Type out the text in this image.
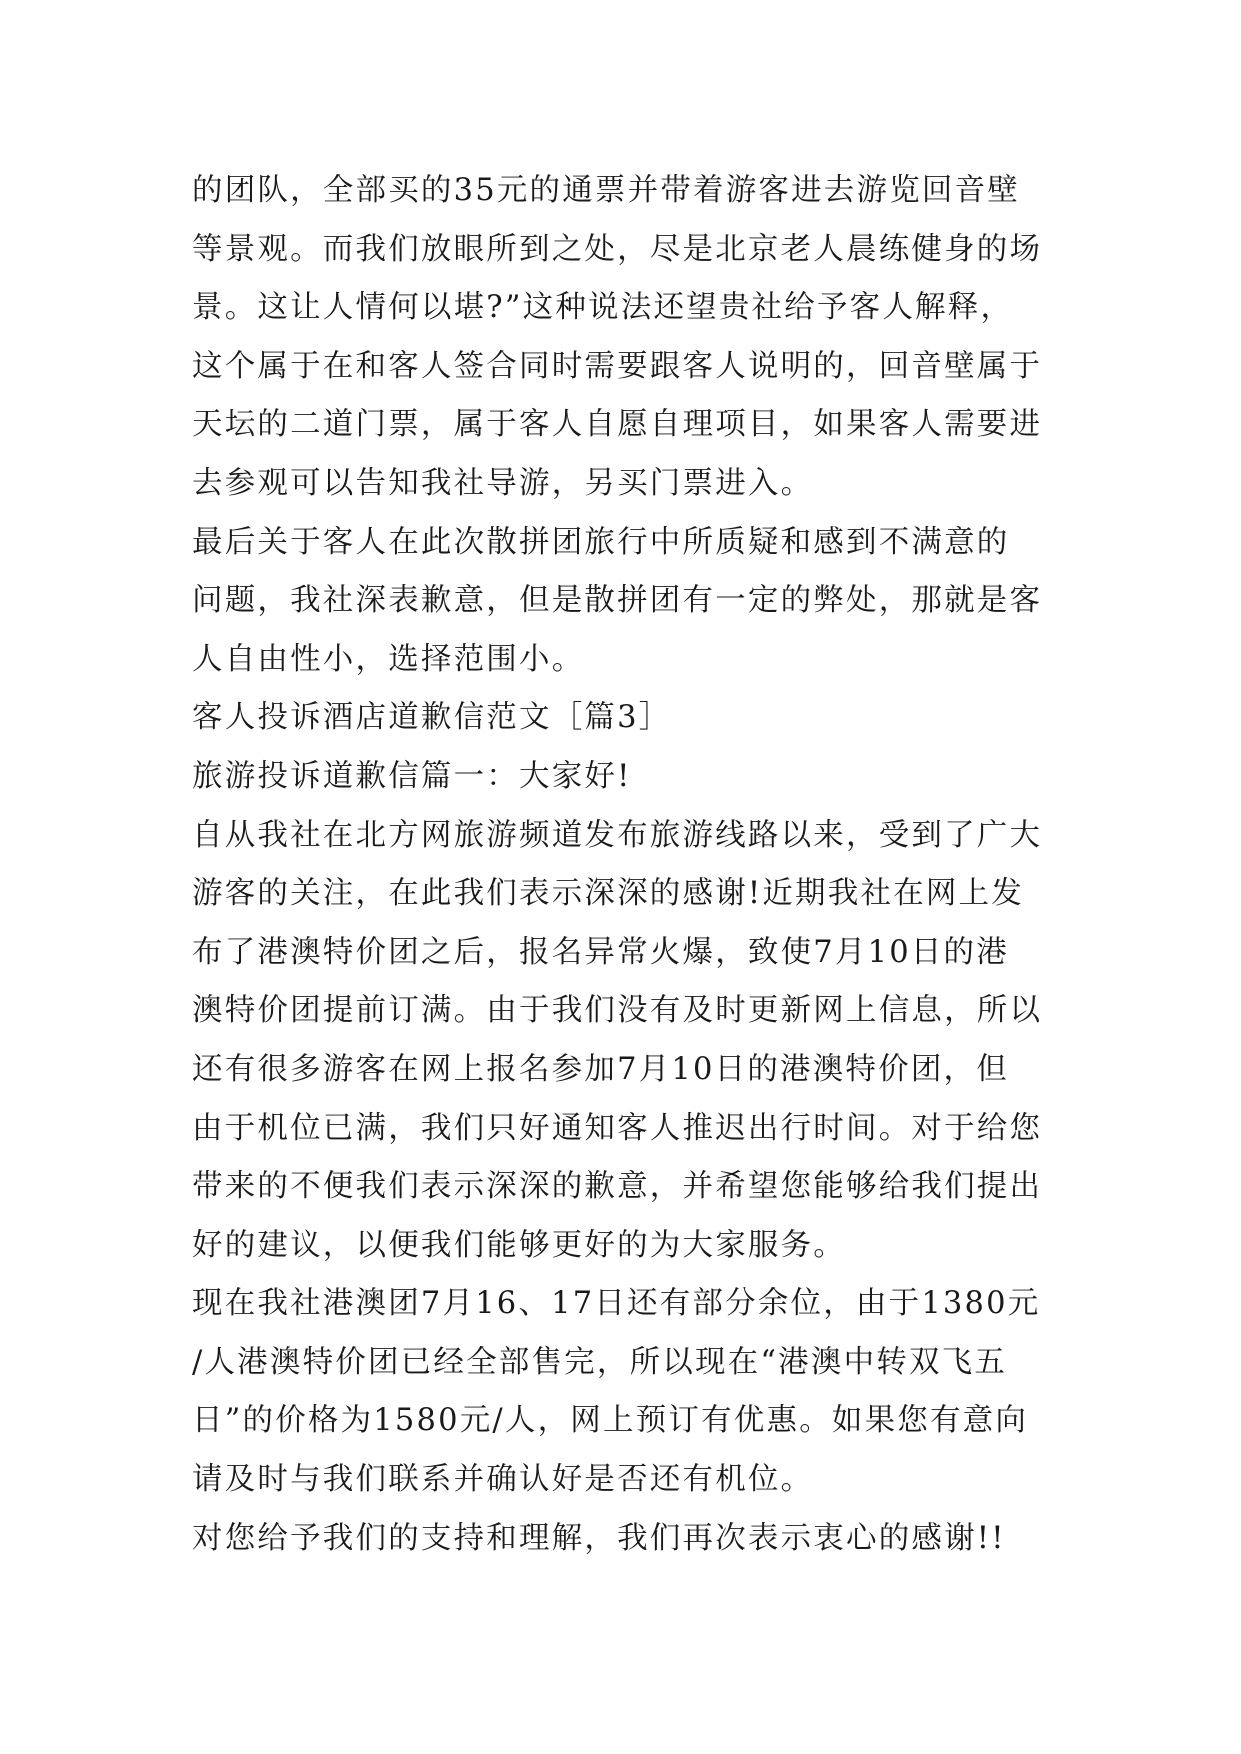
的团队，全部买的35元的通票并带着游客进去游览回音壁
等景观。而我们放眼所到之处，尽是北京老人晨练健身的场
景。这让人情何以堪?”这种说法还望贵社给予客人解释，
这个属于在和客人签合同时需要跟客人说明的，回音壁属于
天坛的二道门票，属于客人自愿自理项目，如果客人需要进
去参观可以告知我社导游，另买门票进入。
最后关于客人在此次散拼团旅行中所质疑和感到不满意的
问题，我社深表歉意，但是散拼团有一定的弊处，那就是客
人自由性小，选择范围小。
客人投诉酒店道歉信范文［篇3］
旅游投诉道歉信篇一：大家好!
自从我社在北方网旅游频道发布旅游线路以来，受到了广大
游客的关注，在此我们表示深深的感谢!近期我社在网上发
布了港澳特价团之后，报名异常火爆，致使7月10日的港
澳特价团提前订满。由于我们没有及时更新网上信息，所以
还有很多游客在网上报名参加7月10日的港澳特价团，但
由于机位已满，我们只好通知客人推迟出行时间。对于给您
带来的不便我们表示深深的歉意，并希望您能够给我们提出
好的建议，以便我们能够更好的为大家服务。
现在我社港澳团7月16、17日还有部分余位，由于1380元
/人港澳特价团已经全部售完，所以现在“港澳中转双飞五
日”的价格为1580元/人，网上预订有优惠。如果您有意向
请及时与我们联系并确认好是否还有机位。
对您给予我们的支持和理解，我们再次表示衷心的感谢!!
